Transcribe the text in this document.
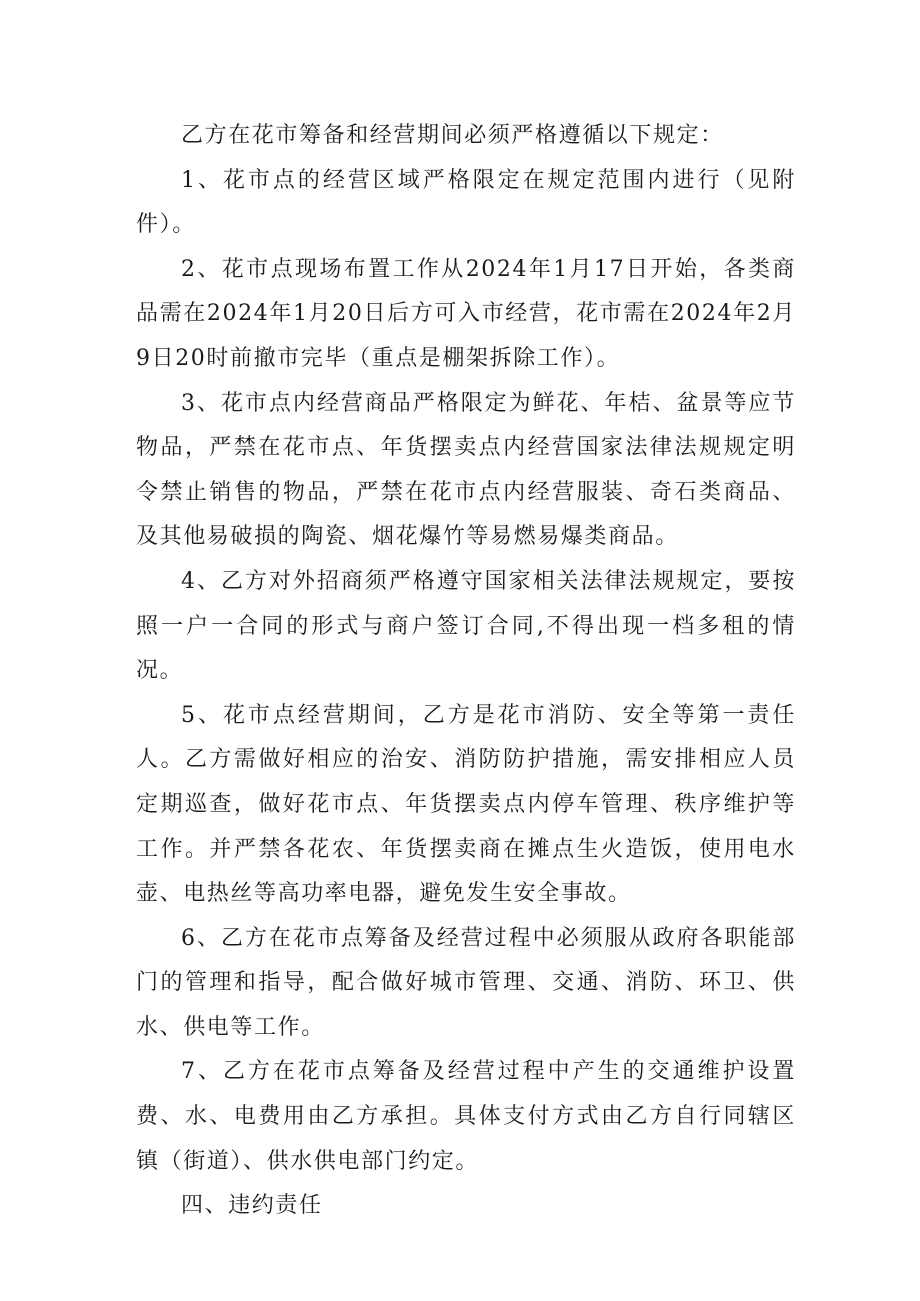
乙方在花市筹备和经营期间必须严格遵循以下规定：

1、花市点的经营区域严格限定在规定范围内进行（见附件）。

2、花市点现场布置工作从2024年1月17日开始，各类商品需在2024年1月20日后方可入市经营，花市需在2024年2月9日20时前撤市完毕（重点是棚架拆除工作）。

3、花市点内经营商品严格限定为鲜花、年桔、盆景等应节物品，严禁在花市点、年货摆卖点内经营国家法律法规规定明令禁止销售的物品，严禁在花市点内经营服装、奇石类商品、及其他易破损的陶瓷、烟花爆竹等易燃易爆类商品。

4、乙方对外招商须严格遵守国家相关法律法规规定，要按照一户一合同的形式与商户签订合同,不得出现一档多租的情况。

5、花市点经营期间，乙方是花市消防、安全等第一责任人。乙方需做好相应的治安、消防防护措施，需安排相应人员定期巡查，做好花市点、年货摆卖点内停车管理、秩序维护等工作。并严禁各花农、年货摆卖商在摊点生火造饭，使用电水壶、电热丝等高功率电器，避免发生安全事故。

6、乙方在花市点筹备及经营过程中必须服从政府各职能部门的管理和指导，配合做好城市管理、交通、消防、环卫、供水、供电等工作。

7、乙方在花市点筹备及经营过程中产生的交通维护设置费、水、电费用由乙方承担。具体支付方式由乙方自行同辖区镇（街道）、供水供电部门约定。

四、违约责任
